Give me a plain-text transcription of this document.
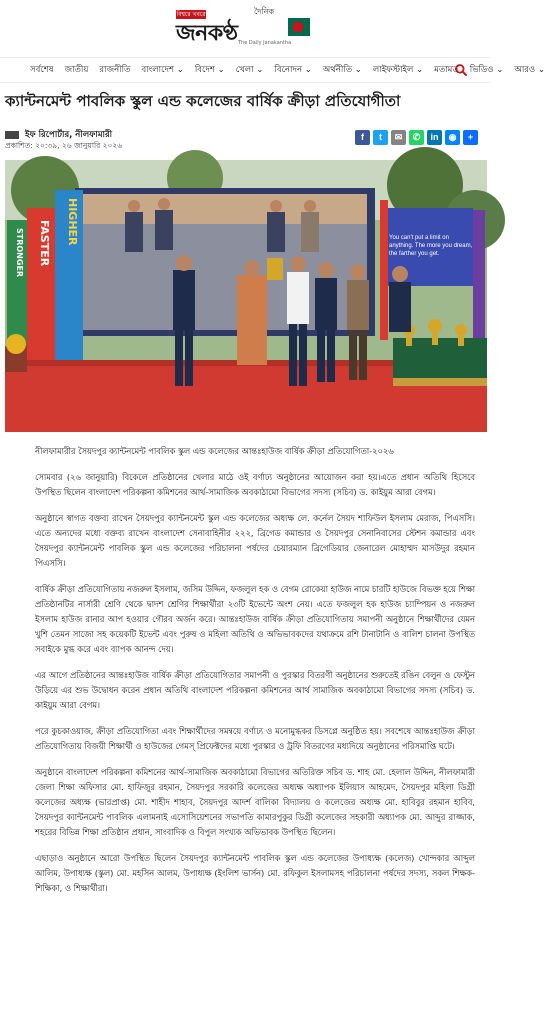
বিশ্বরে খবরে	দৈনিক
জনকণ্ঠ The Daily Janakantha
সর্বশেষ জাতীয় রাজনীতি বাংলাদেশ ⌄ বিদেশ ⌄ খেলা ⌄ বিনোদন ⌄ অর্থনীতি ⌄ লাইফস্টাইল ⌄ মতামত ভিডিও ⌄ আরও ⌄
ক্যান্টনমেন্ট পাবলিক স্কুল এন্ড কলেজের বার্ষিক ক্রীড়া প্রতিযোগীতা
ইফ রিপোর্টার, নীলফামারী
প্রকাশিত: ২০:৩৯, ২৬ জানুয়ারি ২০২৬
f	t	✉	✆	in	◉	+
FASTER HIGHER
STRONGER	You can't put a limit on anything. The more you dream, the farther you get.

নীলফামারীর সৈয়দপুর ক্যান্টনমেন্ট পাবলিক স্কুল এন্ড কলেজের আন্তঃহাউজ বার্ষিক ক্রীড়া প্রতিযোগিতা-২০২৬

সোমবার (২৬ জানুয়ারি) বিকেলে প্রতিষ্ঠানের খেলার মাঠে ওই বর্ণাঢ্য অনুষ্ঠানের আয়োজন করা হয়।এতে প্রধান অতিথি হিসেবে উপস্থিত ছিলেন বাংলাদেশ পরিকল্পনা কমিশনের আর্থ-সামাজিক অবকাঠামো বিভাগের সদস্য (সচিব) ড. কাইয়ুম আরা বেগম।

অনুষ্ঠানে স্বাগত বক্তব্য রাখেন সৈয়দপুর ক্যান্টনমেন্ট স্কুল এন্ড কলেজের অধ্যক্ষ লে. কর্নেল সৈয়দ শাফিউল ইসলাম মেরাজ, পিএসসি। এতে অন্যদের মধ্যে বক্তব্য রাখেন বাংলাদেশ সেনাবাহিনীর ২২২, ব্রিগেড কমান্ডার ও সৈয়দপুর সেনানিবাসের স্টেশন কমান্ডার এবং সৈয়দপুর ক্যান্টনমেন্ট পাবলিক স্কুল এন্ড কলেজের পরিচালনা পর্ষদের চেয়ারম্যান ব্রিগেডিয়ার জেনারেল মোহাম্মদ মাসউদুর রহমান পিএসসি।

বার্ষিক ক্রীড়া প্রতিযোগিতায় নজরুল ইসলাম, জসিম উদ্দিন, ফজলুল হক ও বেগম রোকেয়া হাউজ নামে চারটি হাউজে বিভক্ত হয়ে শিক্ষা প্রতিষ্ঠানটির নার্সারী শ্রেণি থেকে দ্বাদশ শ্রেণির শিক্ষার্থীরা ২৩টি ইভেন্টে অংশ নেয়। এতে ফজলুল হক হাউজ চ্যাম্পিয়ন ও নজরুল ইসলাম হাউজ রানার আপ হওয়ার গৌরব অর্জন করে। আন্তঃহাউজ বার্ষিক ক্রীড়া প্রতিযোগিতায় সমাপনী অনুষ্ঠানে শিক্ষার্থীদের যেমন খুশি তেমন সাজো সহ কয়েকটি ইভেন্ট এবং পুরুষ ও মহিলা অতিথি ও অভিভাবকদের যথাক্রমে রশি টানাটানি ও বালিশ চালনা উপস্থিত সবাইকে মুগ্ধ করে এবং ব্যাপক আনন্দ দেয়।

এর আগে প্রতিষ্ঠানের আন্তঃহাউজ বার্ষিক ক্রীড়া প্রতিযোগিতার সমাপনী ও পুরস্কার বিতরণী অনুষ্ঠানের শুরুতেই রঙিন বেলুন ও ফেস্টুন উড়িয়ে এর শুভ উদ্বোধন করেন প্রধান অতিথি বাংলাদেশ পরিকল্পনা কমিশনের আর্থ সামাজিক অবকাঠামো বিভাগের সদস্য (সচিব) ড. কাইয়ুম আরা বেগম।

পরে কুচকাওয়াজ, ক্রীড়া প্রতিযোগিতা এবং শিক্ষার্থীদের সমন্বয়ে বর্ণাঢ্য ও মনোমুগ্ধকর ডিসপ্লে অনুষ্ঠিত হয়। সবশেষে আন্তঃহাউজ ক্রীড়া প্রতিযোগিতায় বিজয়ী শিক্ষার্থী ও হাউজের গেমস্ প্রিফেক্টদের মধ্যে পুরস্কার ও ট্রফি বিতরণের মধ্যদিয়ে অনুষ্ঠানের পরিসমাপ্তি ঘটে।

অনুষ্ঠানে বাংলাদেশ পরিকল্পনা কমিশনের আর্থ-সামাজিক অবকাঠামো বিভাগের অতিরিক্ত সচিব ড. শাহ মো. হেলাল উদ্দিন, নীলফামারী জেলা শিক্ষা অফিসার মো. হাফিজুর রহমান, সৈয়দপুর সরকারি কলেজের অধ্যক্ষ অধ্যাপক ইলিয়াস আহমেদ, সৈয়দপুর মহিলা ডিগ্রী কলেজের অধ্যক্ষ (ভারপ্রাপ্ত) মো. শাহীদ শাহাব, সৈয়দপুর আদর্শ বালিকা বিদ্যালয় ও কলেজের অধ্যক্ষ মো. হাবিবুর রহমান হাবিব, সৈয়দপুর ক্যান্টনমেন্ট পাবলিক এলামনাই এসোসিয়েশনের সভাপতি কামারপুকুর ডিগ্রী কলেজের সহকারী অধ্যাপক মো. আব্দুর রাজ্জাক, শহরের বিভিন্ন শিক্ষা প্রতিষ্ঠান প্রধান, সাংবাদিক ও বিপুল সংখ্যক অভিভাবক উপস্থিত ছিলেন।

এছাড়াও অনুষ্ঠানে আরো উপস্থিত ছিলেন সৈয়দপুর ক্যান্টনমেন্ট পাবলিক স্কুল এন্ড কলেজের উপাধ্যক্ষ (কলেজ) খোন্দকার আব্দুল আলিম, উপাধ্যক্ষ (স্কুল) মো. মহসিন আলম, উপাধ্যক্ষ (ইংলিশ ভার্সন) মো. রফিকুল ইসলামসহ পরিচালনা পর্ষদের সদস্য, সকল শিক্ষক-শিক্ষিকা, ও শিক্ষার্থীরা।
